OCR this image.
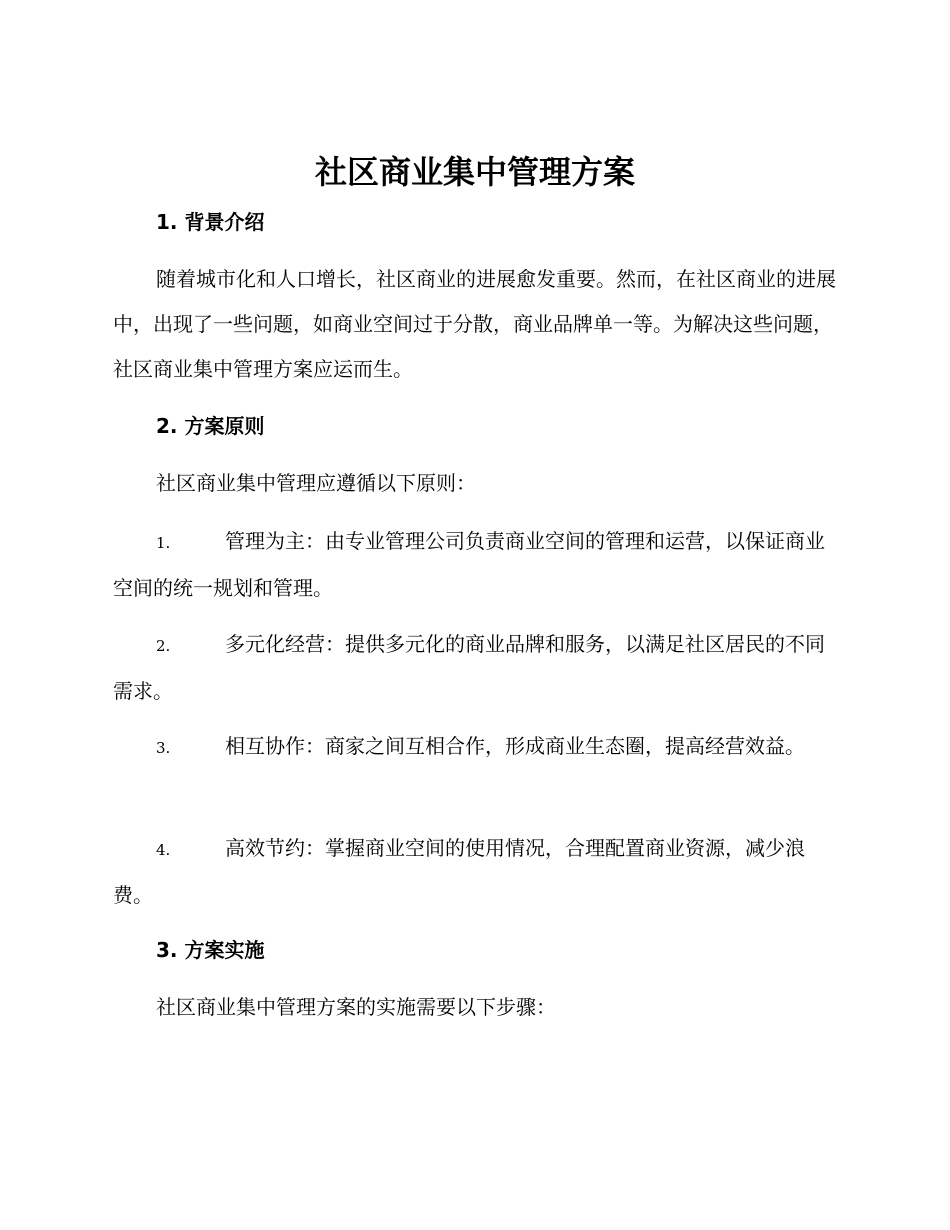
社区商业集中管理方案
1. 背景介绍

随着城市化和人口增长，社区商业的进展愈发重要。然而，在社区商业的进展中，出现了一些问题，如商业空间过于分散，商业品牌单一等。为解决这些问题，社区商业集中管理方案应运而生。

2. 方案原则

社区商业集中管理应遵循以下原则：

1.	管理为主：由专业管理公司负责商业空间的管理和运营，以保证商业空间的统一规划和管理。
2.	多元化经营：提供多元化的商业品牌和服务，以满足社区居民的不同需求。
3.	相互协作：商家之间互相合作，形成商业生态圈，提高经营效益。
4.	高效节约：掌握商业空间的使用情况，合理配置商业资源，减少浪费。
3. 方案实施

社区商业集中管理方案的实施需要以下步骤：
